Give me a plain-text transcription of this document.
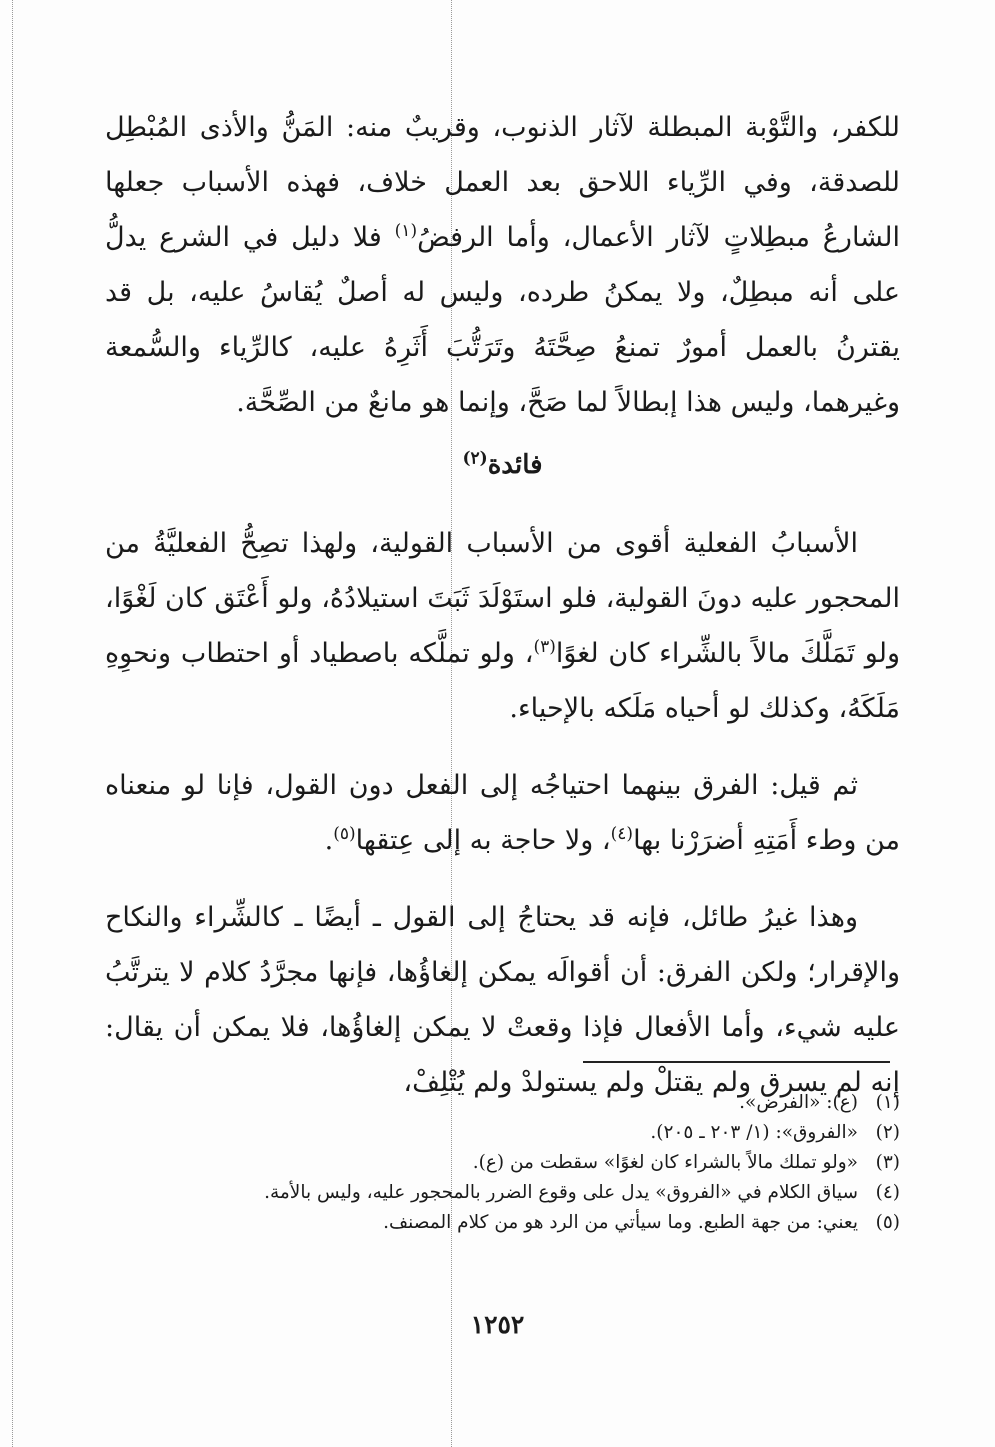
للكفر، والتَّوْبة المبطلة لآثار الذنوب، وقريبٌ منه: المَنُّ والأذى المُبْطِل للصدقة، وفي الرِّياء اللاحق بعد العمل خلاف، فهذه الأسباب جعلها الشارعُ مبطِلاتٍ لآثار الأعمال، وأما الرفضُ$^{(١)}$ فلا دليل في الشرع يدلُّ على أنه مبطِلٌ، ولا يمكنُ طرده، وليس له أصلٌ يُقاسُ عليه، بل قد يقترنُ بالعمل أمورٌ تمنعُ صِحَّتَهُ وتَرَتُّبَ أَثَرِهُ عليه، كالرِّياء والسُّمعة وغيرهما، وليس هذا إبطالاً لما صَحَّ، وإنما هو مانعٌ من الصِّحَّة.

فائدة$^{(٢)}$

الأسبابُ الفعلية أقوى من الأسباب القولية، ولهذا تصِحُّ الفعليَّةُ من المحجور عليه دونَ القولية، فلو استَوْلَدَ ثَبَتَ استيلادُهُ، ولو أَعْتَق كان لَغْوًا، ولو تَمَلَّكَ مالاً بالشِّراء كان لغوًا$^{(٣)}$، ولو تملَّكه باصطياد أو احتطاب ونحوِهِ مَلَكَهُ، وكذلك لو أحياه مَلَكه بالإحياء.

ثم قيل: الفرق بينهما احتياجُه إلى الفعل دون القول، فإنا لو منعناه من وطء أَمَتِهِ أضرَرْنا بها$^{(٤)}$، ولا حاجة به إلى عِتقها$^{(٥)}$.

وهذا غيرُ طائل، فإنه قد يحتاجُ إلى القول ـ أيضًا ـ كالشِّراء والنكاح والإقرار؛ ولكن الفرق: أن أقوالَه يمكن إلغاؤُها، فإنها مجرَّدُ كلام لا يترتَّبُ عليه شيء، وأما الأفعال فإذا وقعتْ لا يمكن إلغاؤُها، فلا يمكن أن يقال: إنه لم يسرق ولم يقتلْ ولم يستولدْ ولم يُتْلِفْ،

(١)(ع): «الفرض».
(٢)«الفروق»: (١/ ٢٠٣ ـ ٢٠٥).
(٣)«ولو تملك مالاً بالشراء كان لغوًا» سقطت من (ع).
(٤)سياق الكلام في «الفروق» يدل على وقوع الضرر بالمحجور عليه، وليس بالأمة.
(٥)يعني: من جهة الطبع. وما سيأتي من الرد هو من كلام المصنف.
١٢٥٢
